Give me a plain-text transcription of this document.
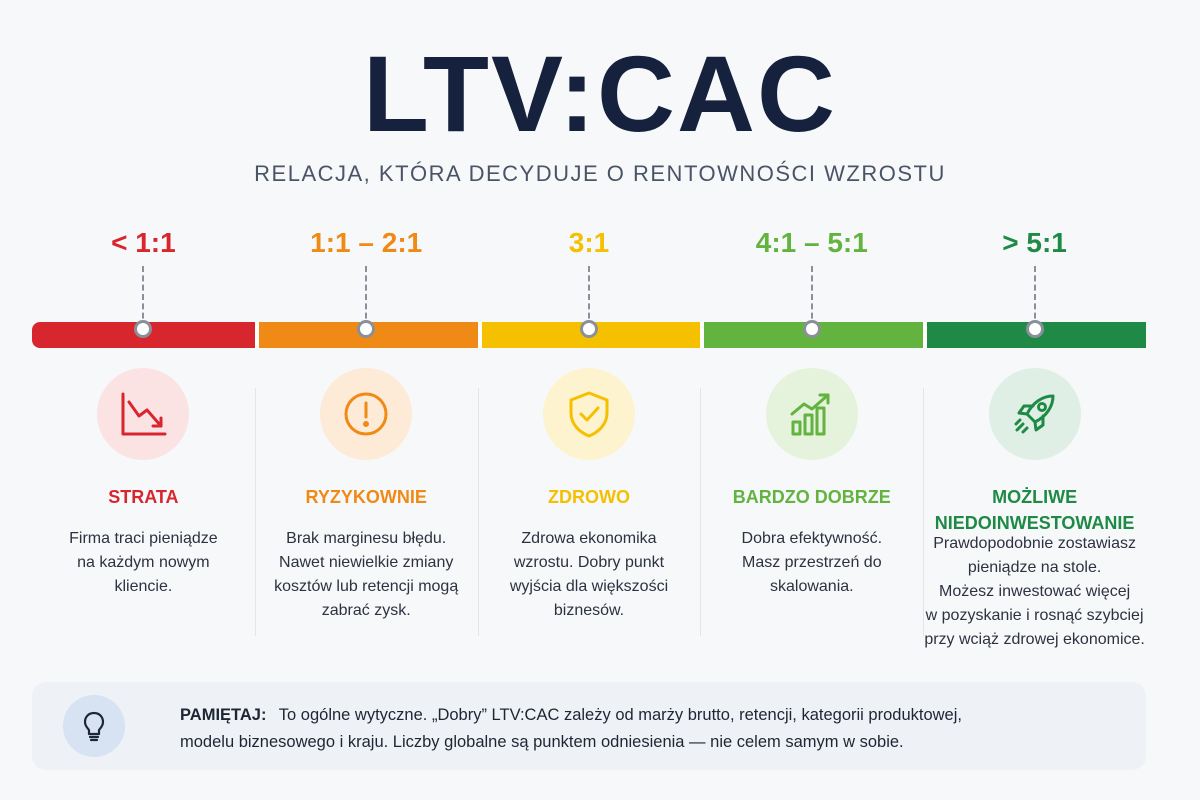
LTV:CAC
RELACJA, KTÓRA DECYDUJE O RENTOWNOŚCI WZROSTU
< 1:1
STRATA
Firma traci pieniądze
na każdym nowym
kliencie.
1:1 – 2:1
RYZYKOWNIE
Brak marginesu błędu.
Nawet niewielkie zmiany
kosztów lub retencji mogą
zabrać zysk.
3:1
ZDROWO
Zdrowa ekonomika
wzrostu. Dobry punkt
wyjścia dla większości
biznesów.
4:1 – 5:1
BARDZO DOBRZE
Dobra efektywność.
Masz przestrzeń do
skalowania.
> 5:1
MOŻLIWE
NIEDOINWESTOWANIE
Prawdopodobnie zostawiasz
pieniądze na stole.
Możesz inwestować więcej
w pozyskanie i rosnąć szybciej
przy wciąż zdrowej ekonomice.
PAMIĘTAJ: To ogólne wytyczne. „Dobry” LTV:CAC zależy od marży brutto, retencji, kategorii produktowej,
modelu biznesowego i kraju. Liczby globalne są punktem odniesienia — nie celem samym w sobie.
